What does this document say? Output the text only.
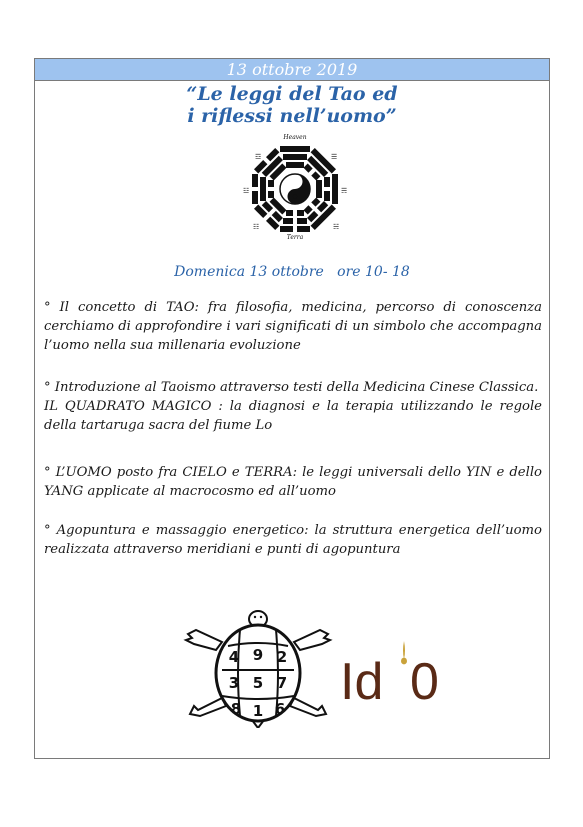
13 ottobre 2019
“Le leggi del Tao ed
i riflessi nell’uomo”
Heaven
Terra
☲	☰
☳	☴
☷	☵
Domenica 13 ottobre   ore 10- 18
° Il concetto di TAO: fra filosofia, medicina, percorso di conoscenza cerchiamo di approfondire i vari significati di un simbolo che accompagna l’uomo nella sua millenaria evoluzione
° Introduzione al Taoismo attraverso testi della Medicina Cinese Classica.
IL QUADRATO MAGICO : la diagnosi e la terapia utilizzando le regole della tartaruga sacra del fiume Lo
° L’UOMO posto fra CIELO e TERRA: le leggi universali dello YIN e dello YANG applicate al macrocosmo ed all’uomo
° Agopuntura e massaggio energetico: la struttura energetica dell’uomo realizzata attraverso meridiani e punti di agopuntura
4 9 2
3 5 7
8 1 6 Id 0
